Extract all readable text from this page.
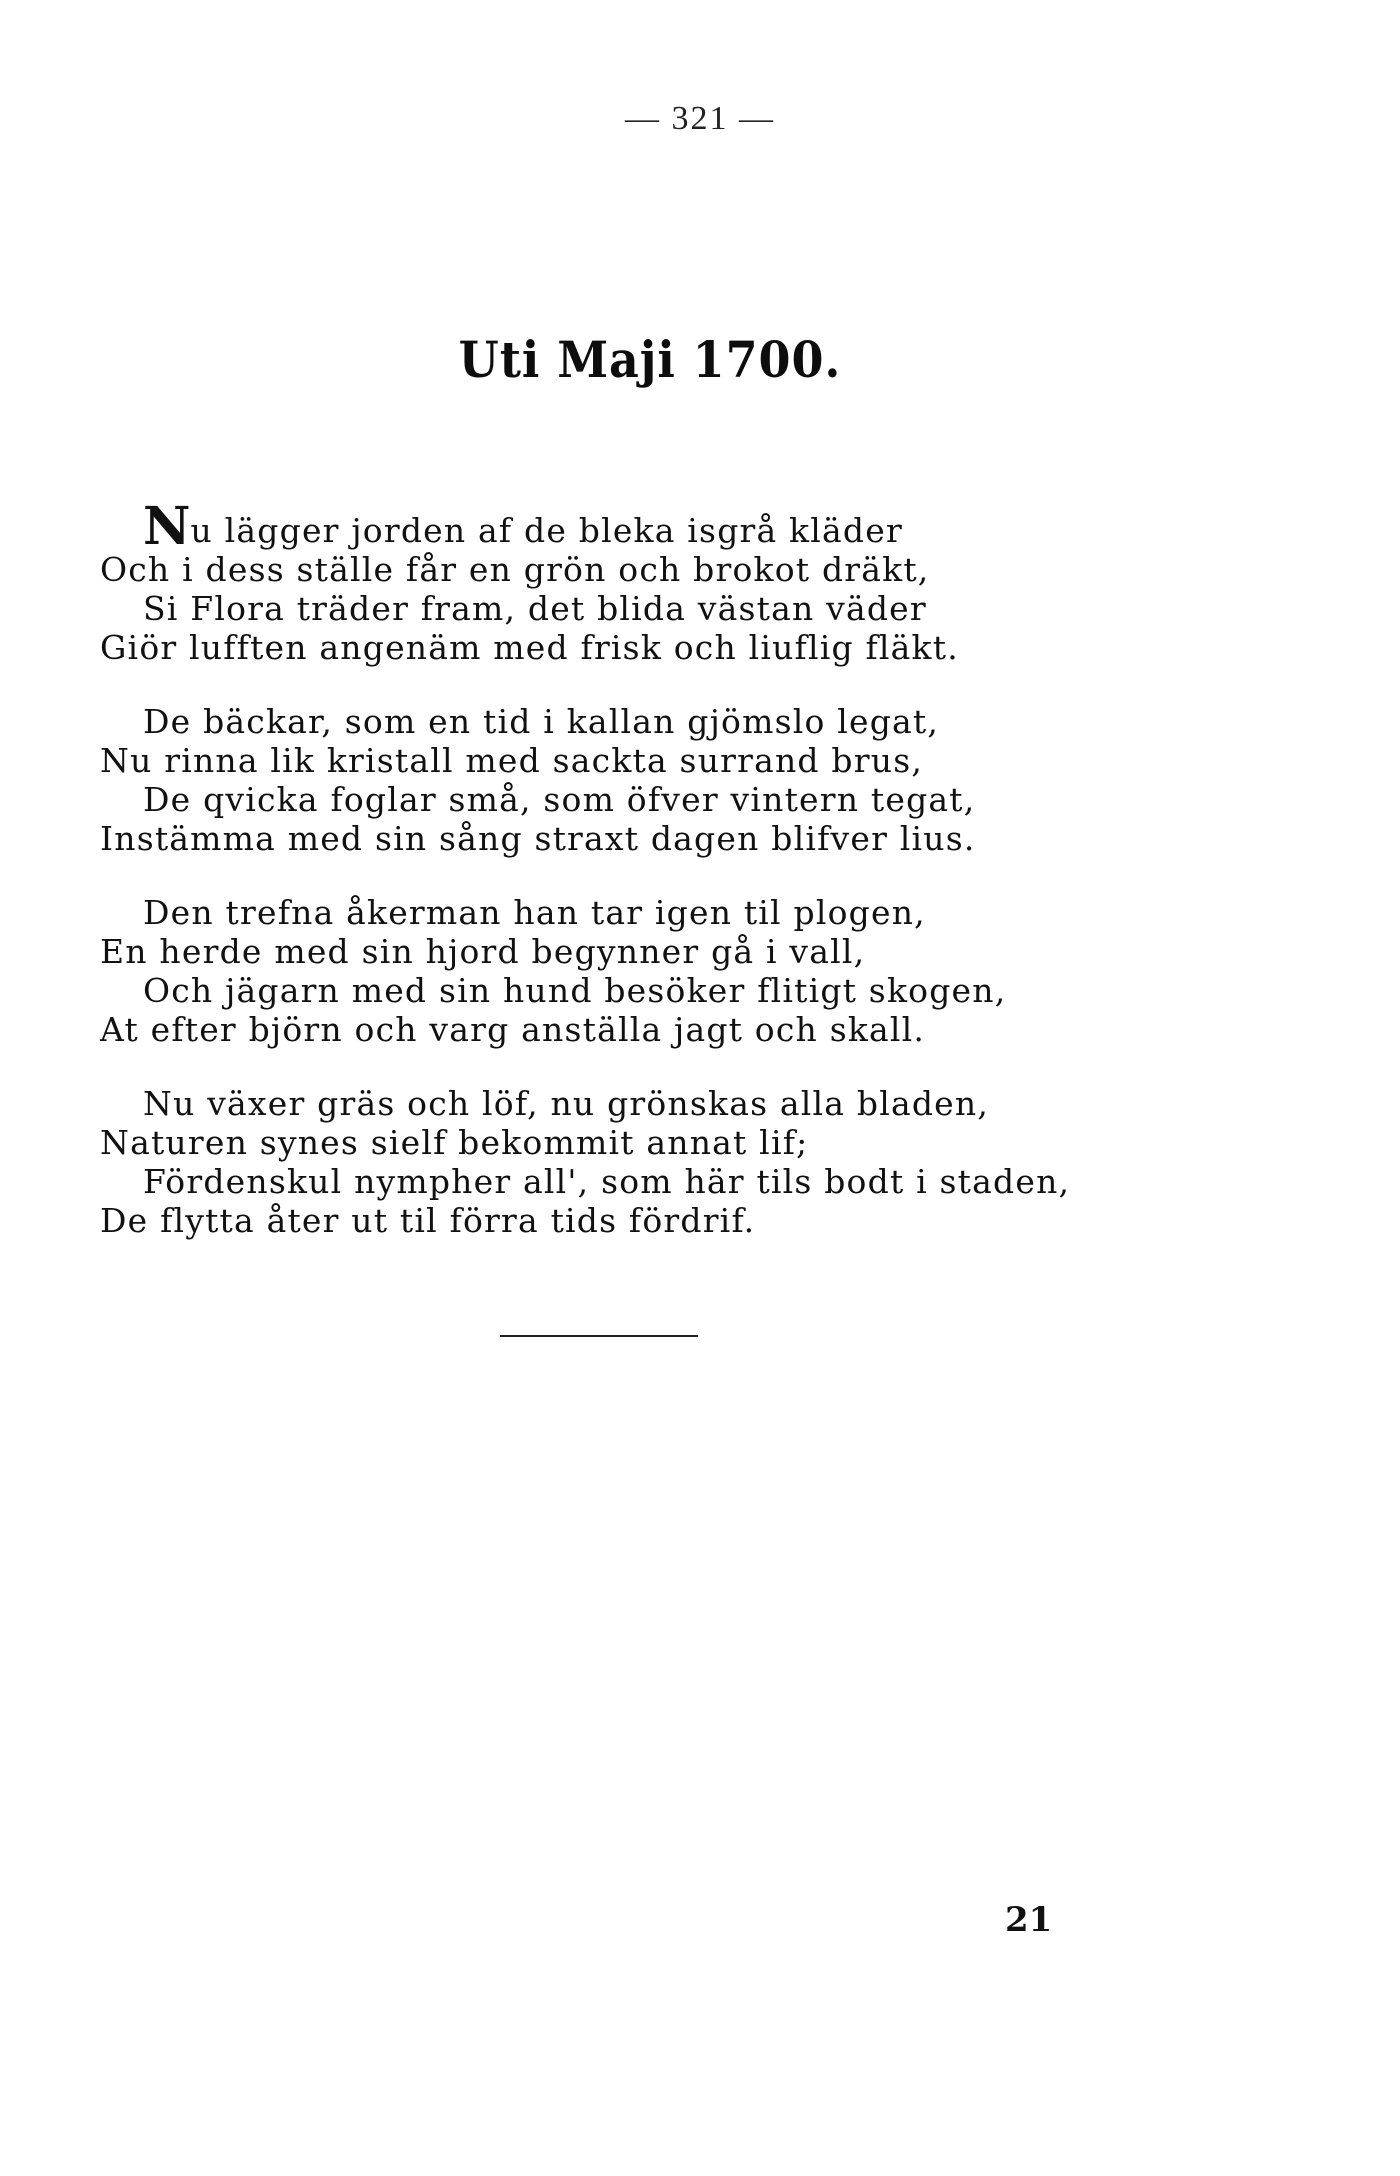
— 321 —
Uti Maji 1700.
Nu lägger jorden af de bleka isgrå kläder
Och i dess ställe får en grön och brokot dräkt,
Si Flora träder fram, det blida västan väder
Giör lufften angenäm med frisk och liuflig fläkt.
De bäckar, som en tid i kallan gjömslo legat,
Nu rinna lik kristall med sackta surrand brus,
De qvicka foglar små, som öfver vintern tegat,
Instämma med sin sång straxt dagen blifver lius.
Den trefna åkerman han tar igen til plogen,
En herde med sin hjord begynner gå i vall,
Och jägarn med sin hund besöker flitigt skogen,
At efter björn och varg anställa jagt och skall.
Nu växer gräs och löf, nu grönskas alla bladen,
Naturen synes sielf bekommit annat lif;
Fördenskul nympher all', som här tils bodt i staden,
De flytta åter ut til förra tids fördrif.
21
